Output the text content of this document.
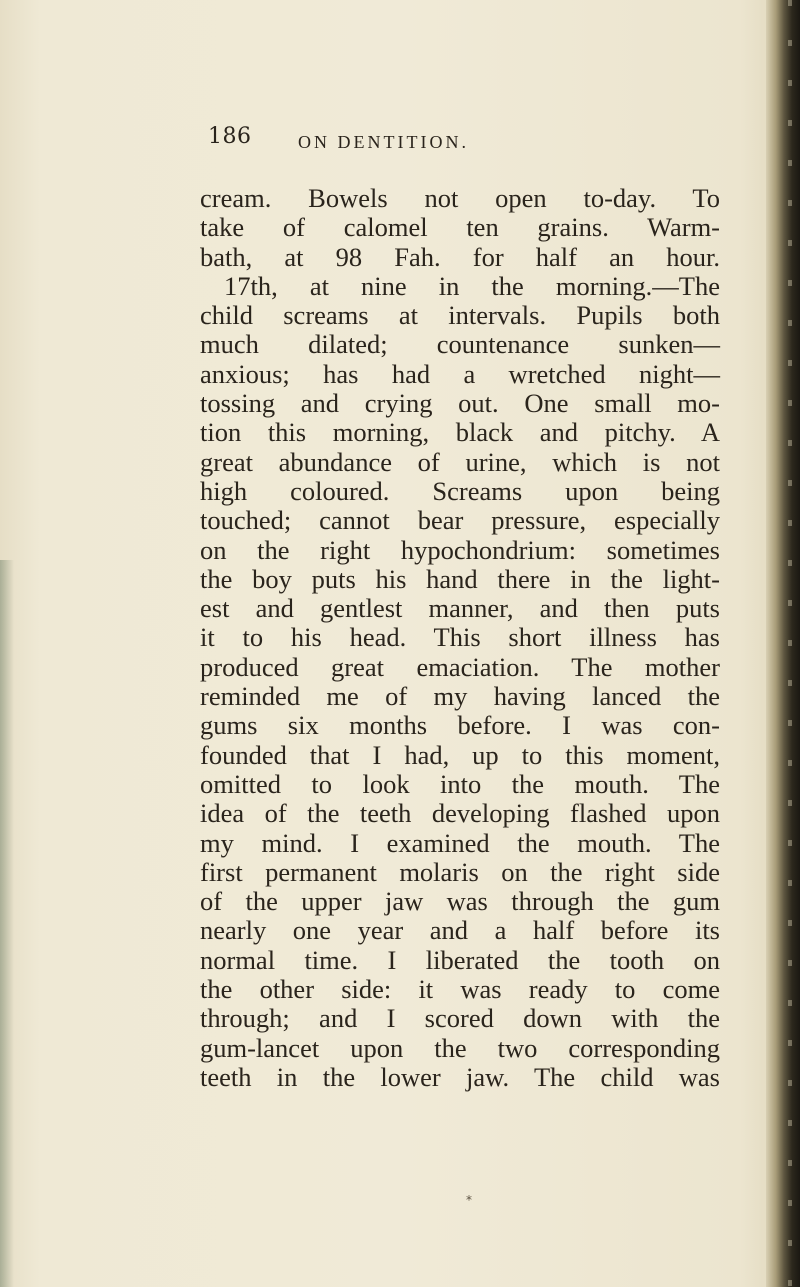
186	ON DENTITION.
cream. Bowels not open to-day. To
take of calomel ten grains. Warm-
bath, at 98 Fah. for half an hour.
17th, at nine in the morning.—The
child screams at intervals. Pupils both
much dilated; countenance sunken—
anxious; has had a wretched night—
tossing and crying out. One small mo-
tion this morning, black and pitchy. A
great abundance of urine, which is not
high coloured. Screams upon being
touched; cannot bear pressure, especially
on the right hypochondrium: sometimes
the boy puts his hand there in the light-
est and gentlest manner, and then puts
it to his head. This short illness has
produced great emaciation. The mother
reminded me of my having lanced the
gums six months before. I was con-
founded that I had, up to this moment,
omitted to look into the mouth. The
idea of the teeth developing flashed upon
my mind. I examined the mouth. The
first permanent molaris on the right side
of the upper jaw was through the gum
nearly one year and a half before its
normal time. I liberated the tooth on
the other side: it was ready to come
through; and I scored down with the
gum-lancet upon the two corresponding
teeth in the lower jaw. The child was
*
